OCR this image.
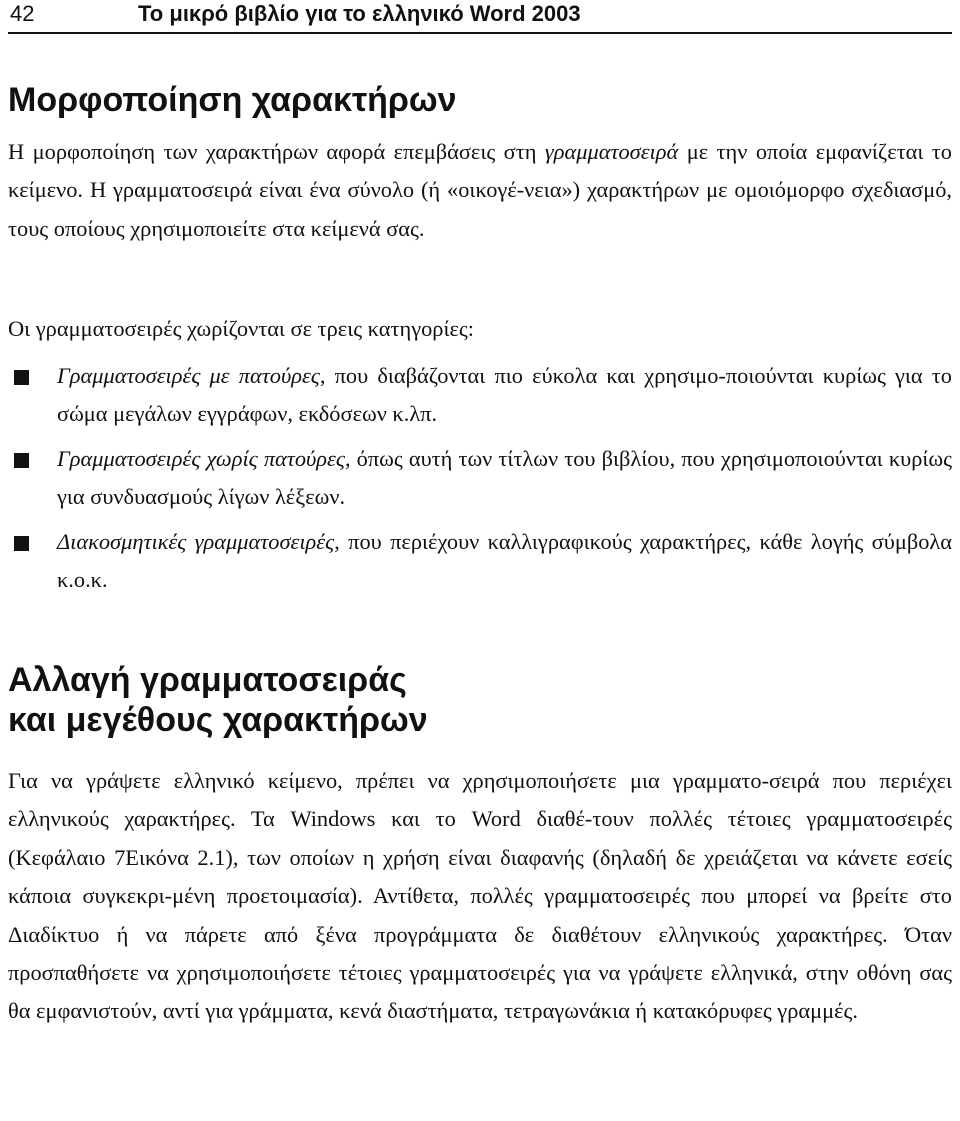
42	Το μικρό βιβλίο για το ελληνικό Word 2003
Μορφοποίηση χαρακτήρων

Η μορφοποίηση των χαρακτήρων αφορά επεμβάσεις στη γραμματοσειρά με την οποία εμφανίζεται το κείμενο. Η γραμματοσειρά είναι ένα σύνολο (ή «οικογέ-νεια») χαρακτήρων με ομοιόμορφο σχεδιασμό, τους οποίους χρησιμοποιείτε στα κείμενά σας.

Οι γραμματοσειρές χωρίζονται σε τρεις κατηγορίες:

Γραμματοσειρές με πατούρες, που διαβάζονται πιο εύκολα και χρησιμο-ποιούνται κυρίως για το σώμα μεγάλων εγγράφων, εκδόσεων κ.λπ.
Γραμματοσειρές χωρίς πατούρες, όπως αυτή των τίτλων του βιβλίου, που χρησιμοποιούνται κυρίως για συνδυασμούς λίγων λέξεων.
Διακοσμητικές γραμματοσειρές, που περιέχουν καλλιγραφικούς χαρακτήρες, κάθε λογής σύμβολα κ.ο.κ.
Αλλαγή γραμματοσειράς
και μεγέθους χαρακτήρων

Για να γράψετε ελληνικό κείμενο, πρέπει να χρησιμοποιήσετε μια γραμματο-σειρά που περιέχει ελληνικούς χαρακτήρες. Τα Windows και το Word διαθέ-τουν πολλές τέτοιες γραμματοσειρές (Κεφάλαιο 7Εικόνα 2.1), των οποίων η χρήση είναι διαφανής (δηλαδή δε χρειάζεται να κάνετε εσείς κάποια συγκεκρι-μένη προετοιμασία). Αντίθετα, πολλές γραμματοσειρές που μπορεί να βρείτε στο Διαδίκτυο ή να πάρετε από ξένα προγράμματα δε διαθέτουν ελληνικούς χαρακτήρες. Όταν προσπαθήσετε να χρησιμοποιήσετε τέτοιες γραμματοσειρές για να γράψετε ελληνικά, στην οθόνη σας θα εμφανιστούν, αντί για γράμματα, κενά διαστήματα, τετραγωνάκια ή κατακόρυφες γραμμές.
